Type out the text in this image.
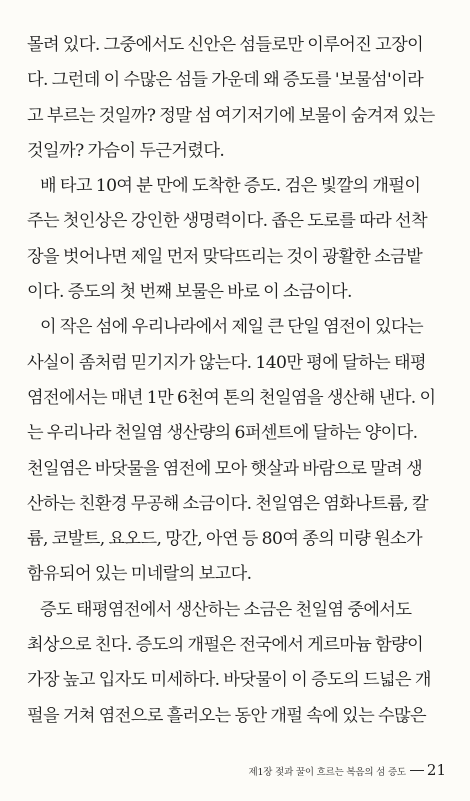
몰려 있다. 그중에서도 신안은 섬들로만 이루어진 고장이
다. 그런데 이 수많은 섬들 가운데 왜 증도를 '보물섬'이라
고 부르는 것일까? 정말 섬 여기저기에 보물이 숨겨져 있는
것일까? 가슴이 두근거렸다.
배 타고 10여 분 만에 도착한 증도. 검은 빛깔의 개펄이
주는 첫인상은 강인한 생명력이다. 좁은 도로를 따라 선착
장을 벗어나면 제일 먼저 맞닥뜨리는 것이 광활한 소금밭
이다. 증도의 첫 번째 보물은 바로 이 소금이다.
이 작은 섬에 우리나라에서 제일 큰 단일 염전이 있다는
사실이 좀처럼 믿기지가 않는다. 140만 평에 달하는 태평
염전에서는 매년 1만 6천여 톤의 천일염을 생산해 낸다. 이
는 우리나라 천일염 생산량의 6퍼센트에 달하는 양이다.
천일염은 바닷물을 염전에 모아 햇살과 바람으로 말려 생
산하는 친환경 무공해 소금이다. 천일염은 염화나트륨, 칼
륨, 코발트, 요오드, 망간, 아연 등 80여 종의 미량 원소가
함유되어 있는 미네랄의 보고다.
증도 태평염전에서 생산하는 소금은 천일염 중에서도
최상으로 친다. 증도의 개펄은 전국에서 게르마늄 함량이
가장 높고 입자도 미세하다. 바닷물이 이 증도의 드넓은 개
펄을 거쳐 염전으로 흘러오는 동안 개펄 속에 있는 수많은
제1장 젖과 꿀이 흐르는 복음의 섬 증도 21
